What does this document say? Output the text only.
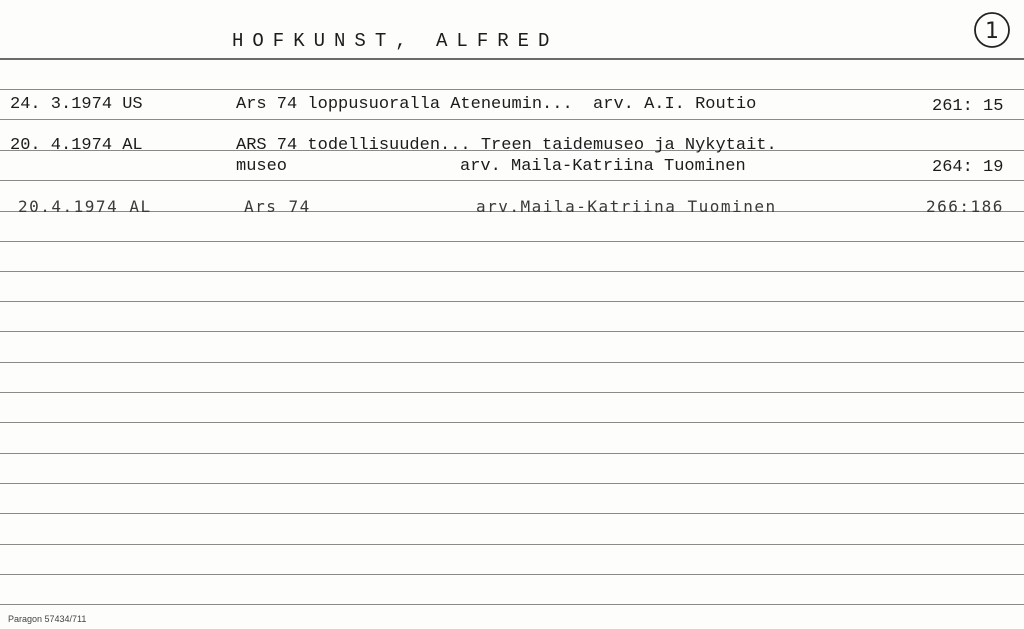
HOFKUNST, ALFRED	1
24. 3.1974 US	Ars 74 loppusuoralla Ateneumin...  arv. A.I. Routio	261: 15
20. 4.1974 AL	ARS 74 todellisuuden... Treen taidemuseo ja Nykytait.
museo	arv. Maila-Katriina Tuominen	264: 19
20.4.1974 AL	Ars 74	arv.Maila-Katriina Tuominen	266:186
Paragon 57434/711
